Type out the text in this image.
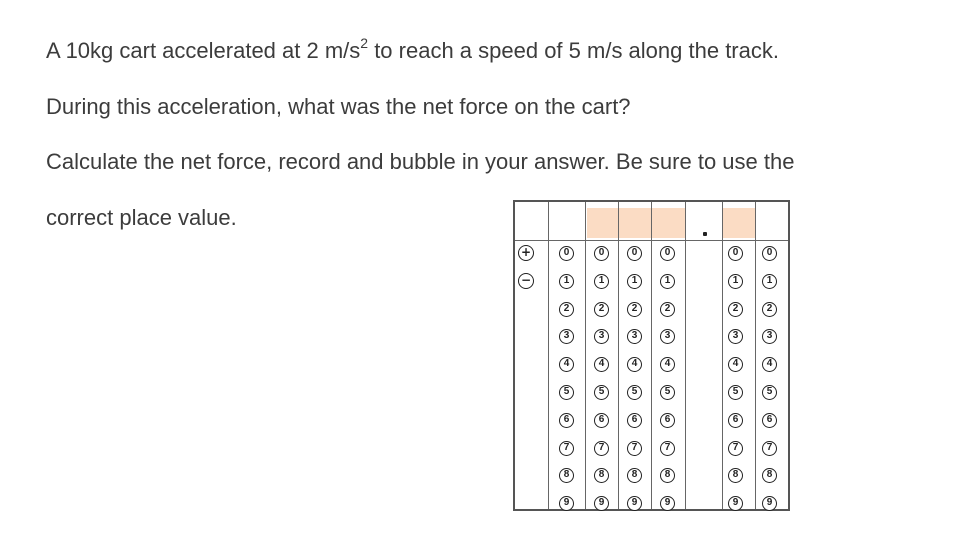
A 10kg cart accelerated at 2 $m/s^2$ to reach a speed of 5 m/s along the track.

During this acceleration, what was the net force on the cart?

Calculate the net force, record and bubble in your answer. Be sure to use the

correct place value.

+
−
0
1
2
3
4
5
6
7
8
9
0
1
2
3
4
5
6
7
8
9
0
1
2
3
4
5
6
7
8
9
0
1
2
3
4
5
6
7
8
9
0
1
2
3
4
5
6
7
8
9
0
1
2
3
4
5
6
7
8
9
